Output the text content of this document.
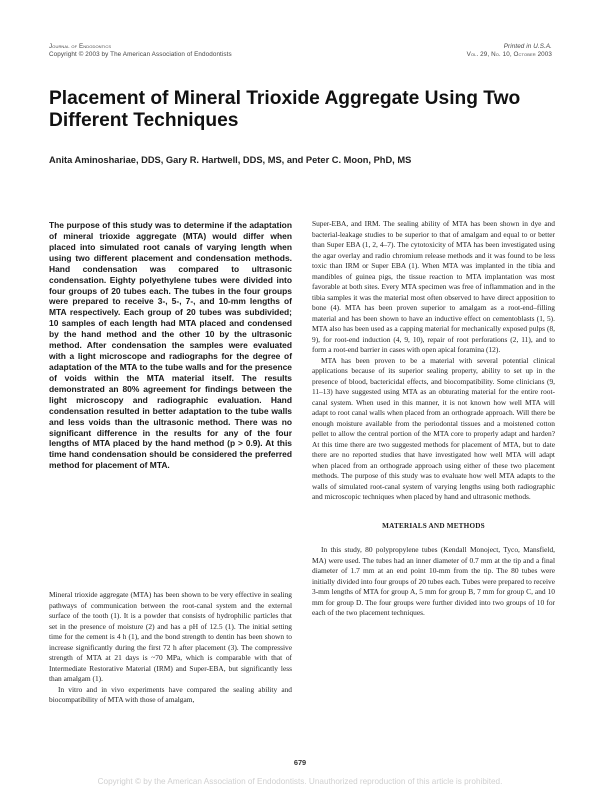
Journal of Endodontics
Copyright © 2003 by The American Association of Endodontists
Printed in U.S.A.
Vol. 29, No. 10, October 2003
Placement of Mineral Trioxide Aggregate Using Two Different Techniques
Anita Aminoshariae, DDS, Gary R. Hartwell, DDS, MS, and Peter C. Moon, PhD, MS

The purpose of this study was to determine if the adaptation of mineral trioxide aggregate (MTA) would differ when placed into simulated root canals of varying length when using two different placement and condensation methods. Hand condensation was compared to ultrasonic condensation. Eighty polyethylene tubes were divided into four groups of 20 tubes each. The tubes in the four groups were prepared to receive 3-, 5-, 7-, and 10-mm lengths of MTA respectively. Each group of 20 tubes was subdivided; 10 samples of each length had MTA placed and condensed by the hand method and the other 10 by the ultrasonic method. After condensation the samples were evaluated with a light microscope and radiographs for the degree of adaptation of the MTA to the tube walls and for the presence of voids within the MTA material itself. The results demonstrated an 80% agreement for findings between the light microscopy and radiographic evaluation. Hand condensation resulted in better adaptation to the tube walls and less voids than the ultrasonic method. There was no significant difference in the results for any of the four lengths of MTA placed by the hand method (p > 0.9). At this time hand condensation should be considered the preferred method for placement of MTA.

Mineral trioxide aggregate (MTA) has been shown to be very effective in sealing pathways of communication between the root-canal system and the external surface of the tooth (1). It is a powder that consists of hydrophilic particles that set in the presence of moisture (2) and has a pH of 12.5 (1). The initial setting time for the cement is 4 h (1), and the bond strength to dentin has been shown to increase significantly during the first 72 h after placement (3). The compressive strength of MTA at 21 days is ~70 MPa, which is comparable with that of Intermediate Restorative Material (IRM) and Super-EBA, but significantly less than amalgam (1).

In vitro and in vivo experiments have compared the sealing ability and biocompatibility of MTA with those of amalgam,

Super-EBA, and IRM. The sealing ability of MTA has been shown in dye and bacterial-leakage studies to be superior to that of amalgam and equal to or better than Super EBA (1, 2, 4–7). The cytotoxicity of MTA has been investigated using the agar overlay and radio chromium release methods and it was found to be less toxic than IRM or Super EBA (1). When MTA was implanted in the tibia and mandibles of guinea pigs, the tissue reaction to MTA implantation was most favorable at both sites. Every MTA specimen was free of inflammation and in the tibia samples it was the material most often observed to have direct apposition to bone (4). MTA has been proven superior to amalgam as a root-end–filling material and has been shown to have an inductive effect on cementoblasts (1, 5). MTA also has been used as a capping material for mechanically exposed pulps (8, 9), for root-end induction (4, 9, 10), repair of root perforations (2, 11), and to form a root-end barrier in cases with open apical foramina (12).

MTA has been proven to be a material with several potential clinical applications because of its superior sealing property, ability to set up in the presence of blood, bactericidal effects, and biocompatibility. Some clinicians (9, 11–13) have suggested using MTA as an obturating material for the entire root-canal system. When used in this manner, it is not known how well MTA will adapt to root canal walls when placed from an orthograde approach. Will there be enough moisture available from the periodontal tissues and a moistened cotton pellet to allow the central portion of the MTA core to properly adapt and harden? At this time there are two suggested methods for placement of MTA, but to date there are no reported studies that have investigated how well MTA will adapt when placed from an orthograde approach using either of these two placement methods. The purpose of this study was to evaluate how well MTA adapts to the walls of simulated root-canal system of varying lengths using both radiographic and microscopic techniques when placed by hand and ultrasonic methods.

MATERIALS AND METHODS

In this study, 80 polypropylene tubes (Kendall Monoject, Tyco, Mansfield, MA) were used. The tubes had an inner diameter of 0.7 mm at the tip and a final diameter of 1.7 mm at an end point 10-mm from the tip. The 80 tubes were initially divided into four groups of 20 tubes each. Tubes were prepared to receive 3-mm lengths of MTA for group A, 5 mm for group B, 7 mm for group C, and 10 mm for group D. The four groups were further divided into two groups of 10 for each of the two placement techniques.

679
Copyright © by the American Association of Endodontists. Unauthorized reproduction of this article is prohibited.
